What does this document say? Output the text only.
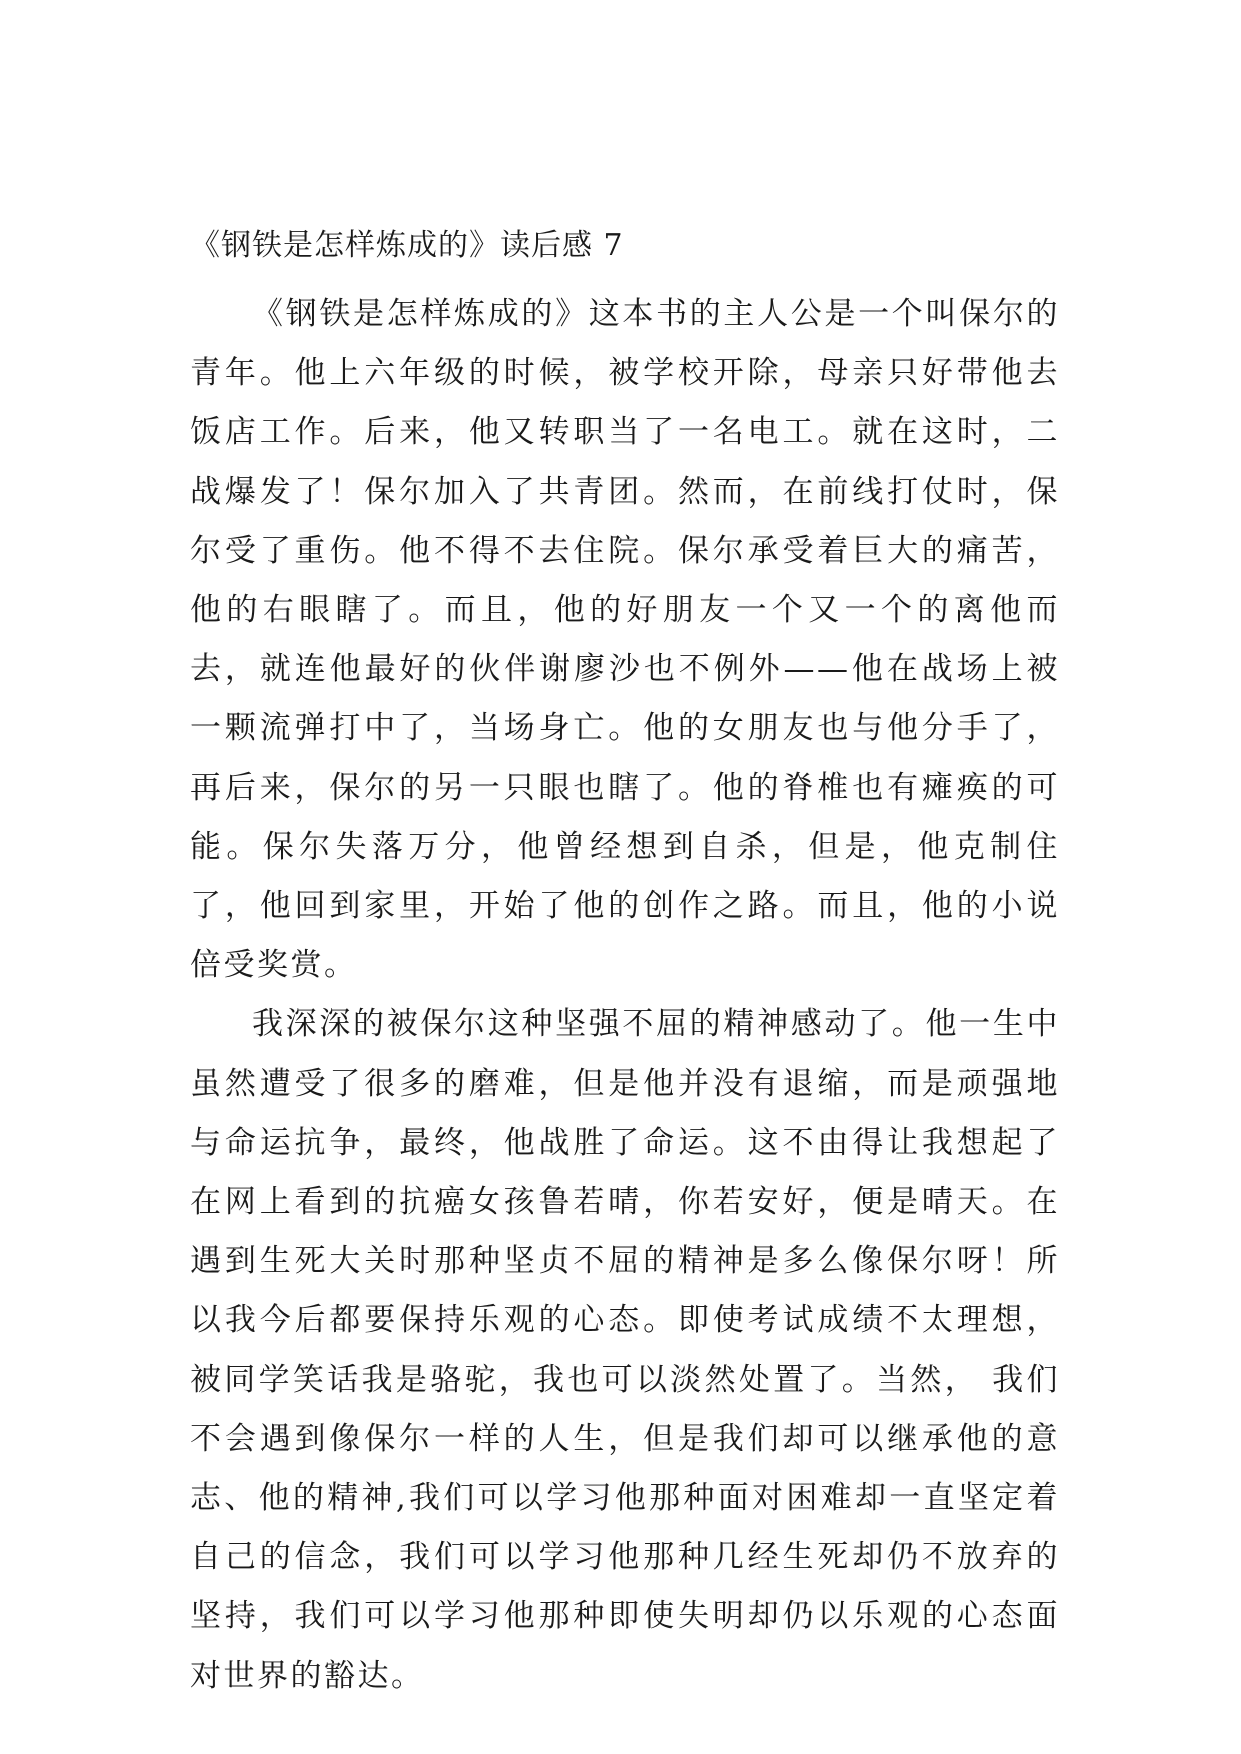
《钢铁是怎样炼成的》读后感 7

《钢铁是怎样炼成的》这本书的主人公是一个叫保尔的青年。他上六年级的时候，被学校开除，母亲只好带他去饭店工作。后来，他又转职当了一名电工。就在这时，二战爆发了！保尔加入了共青团。然而，在前线打仗时，保尔受了重伤。他不得不去住院。保尔承受着巨大的痛苦，他的右眼瞎了。而且，他的好朋友一个又一个的离他而去，就连他最好的伙伴谢廖沙也不例外——他在战场上被一颗流弹打中了，当场身亡。他的女朋友也与他分手了，再后来，保尔的另一只眼也瞎了。他的脊椎也有瘫痪的可能。保尔失落万分，他曾经想到自杀，但是，他克制住了，他回到家里，开始了他的创作之路。而且，他的小说倍受奖赏。

我深深的被保尔这种坚强不屈的精神感动了。他一生中虽然遭受了很多的磨难，但是他并没有退缩，而是顽强地与命运抗争，最终，他战胜了命运。这不由得让我想起了在网上看到的抗癌女孩鲁若晴，你若安好，便是晴天。在遇到生死大关时那种坚贞不屈的精神是多么像保尔呀！所以我今后都要保持乐观的心态。即使考试成绩不太理想，被同学笑话我是骆驼，我也可以淡然处置了。当然， 我们不会遇到像保尔一样的人生，但是我们却可以继承他的意志、他的精神,我们可以学习他那种面对困难却一直坚定着自己的信念，我们可以学习他那种几经生死却仍不放弃的坚持，我们可以学习他那种即使失明却仍以乐观的心态面对世界的豁达。
